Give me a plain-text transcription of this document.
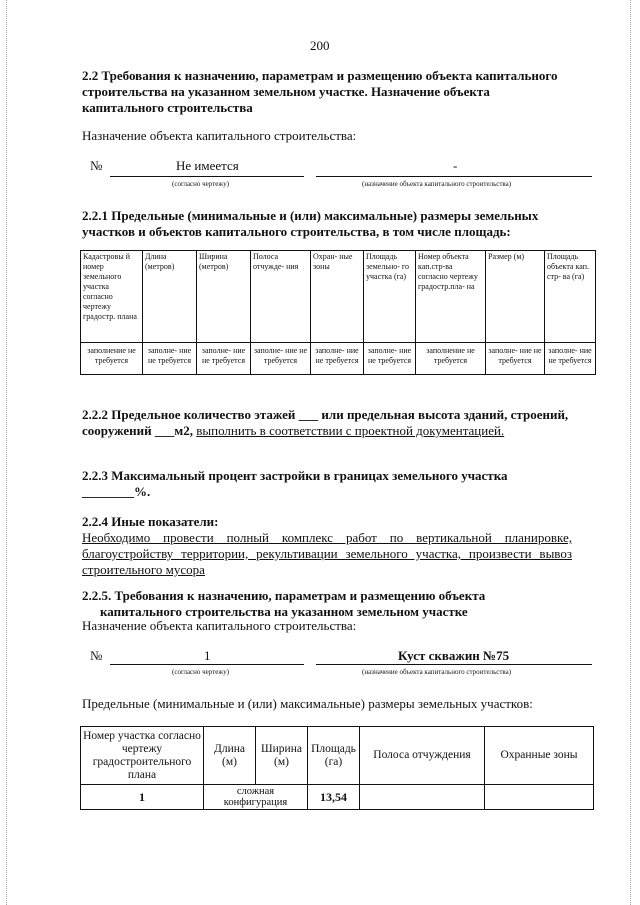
200
2.2 Требования к назначению, параметрам и размещению объекта капитального
строительства на указанном земельном участке. Назначение объекта
капитального строительства
Назначение объекта капитального строительства:
№	Не имеется	-
(согласно чертежу)	(назначение объекта капитального строительства)
2.2.1 Предельные (минимальные и (или) максимальные) размеры земельных
участков и объектов капитального строительства, в том числе площадь:
Кадастровы й номер земельного участка согласно чертежу градостр. плана	Длина (метров)	Ширина (метров)	Полоса отчужде- ния	Охран- ные зоны	Площадь земельно- го участка (га)	Номер объекта кап.стр-ва согласно чертежу градостр.пла- на	Размер (м)	Площадь объекта кап. стр- ва (га)
заполнение не требуется	заполне- ние не требуется	заполне- ние не требуется	заполне- ние не требуется	заполне- ние не требуется	заполне- ние не требуется	заполнение не требуется	заполне- ние не требуется	заполне- ние не требуется
2.2.2 Предельное количество этажей ___ или предельная высота зданий, строений,
сооружений ___м2, выполнить в соответствии с проектной документацией.
2.2.3 Максимальный процент застройки в границах земельного участка
________%.
2.2.4 Иные показатели:
Необходимо провести полный комплекс работ по вертикальной планировке,
благоустройству территории, рекультивации земельного участка, произвести вывоз
строительного мусора
2.2.5. Требования к назначению, параметрам и размещению объекта
капитального строительства на указанном земельном участке
Назначение объекта капитального строительства:
№	1	Куст скважин №75
(согласно чертежу)	(назначение объекта капитального строительства)
Предельные (минимальные и (или) максимальные) размеры земельных участков:
Номер участка согласно чертежу градостроительного плана	Длина (м)	Ширина (м)	Площадь (га)	Полоса отчуждения	Охранные зоны
1	сложная конфигурация		13,54		
